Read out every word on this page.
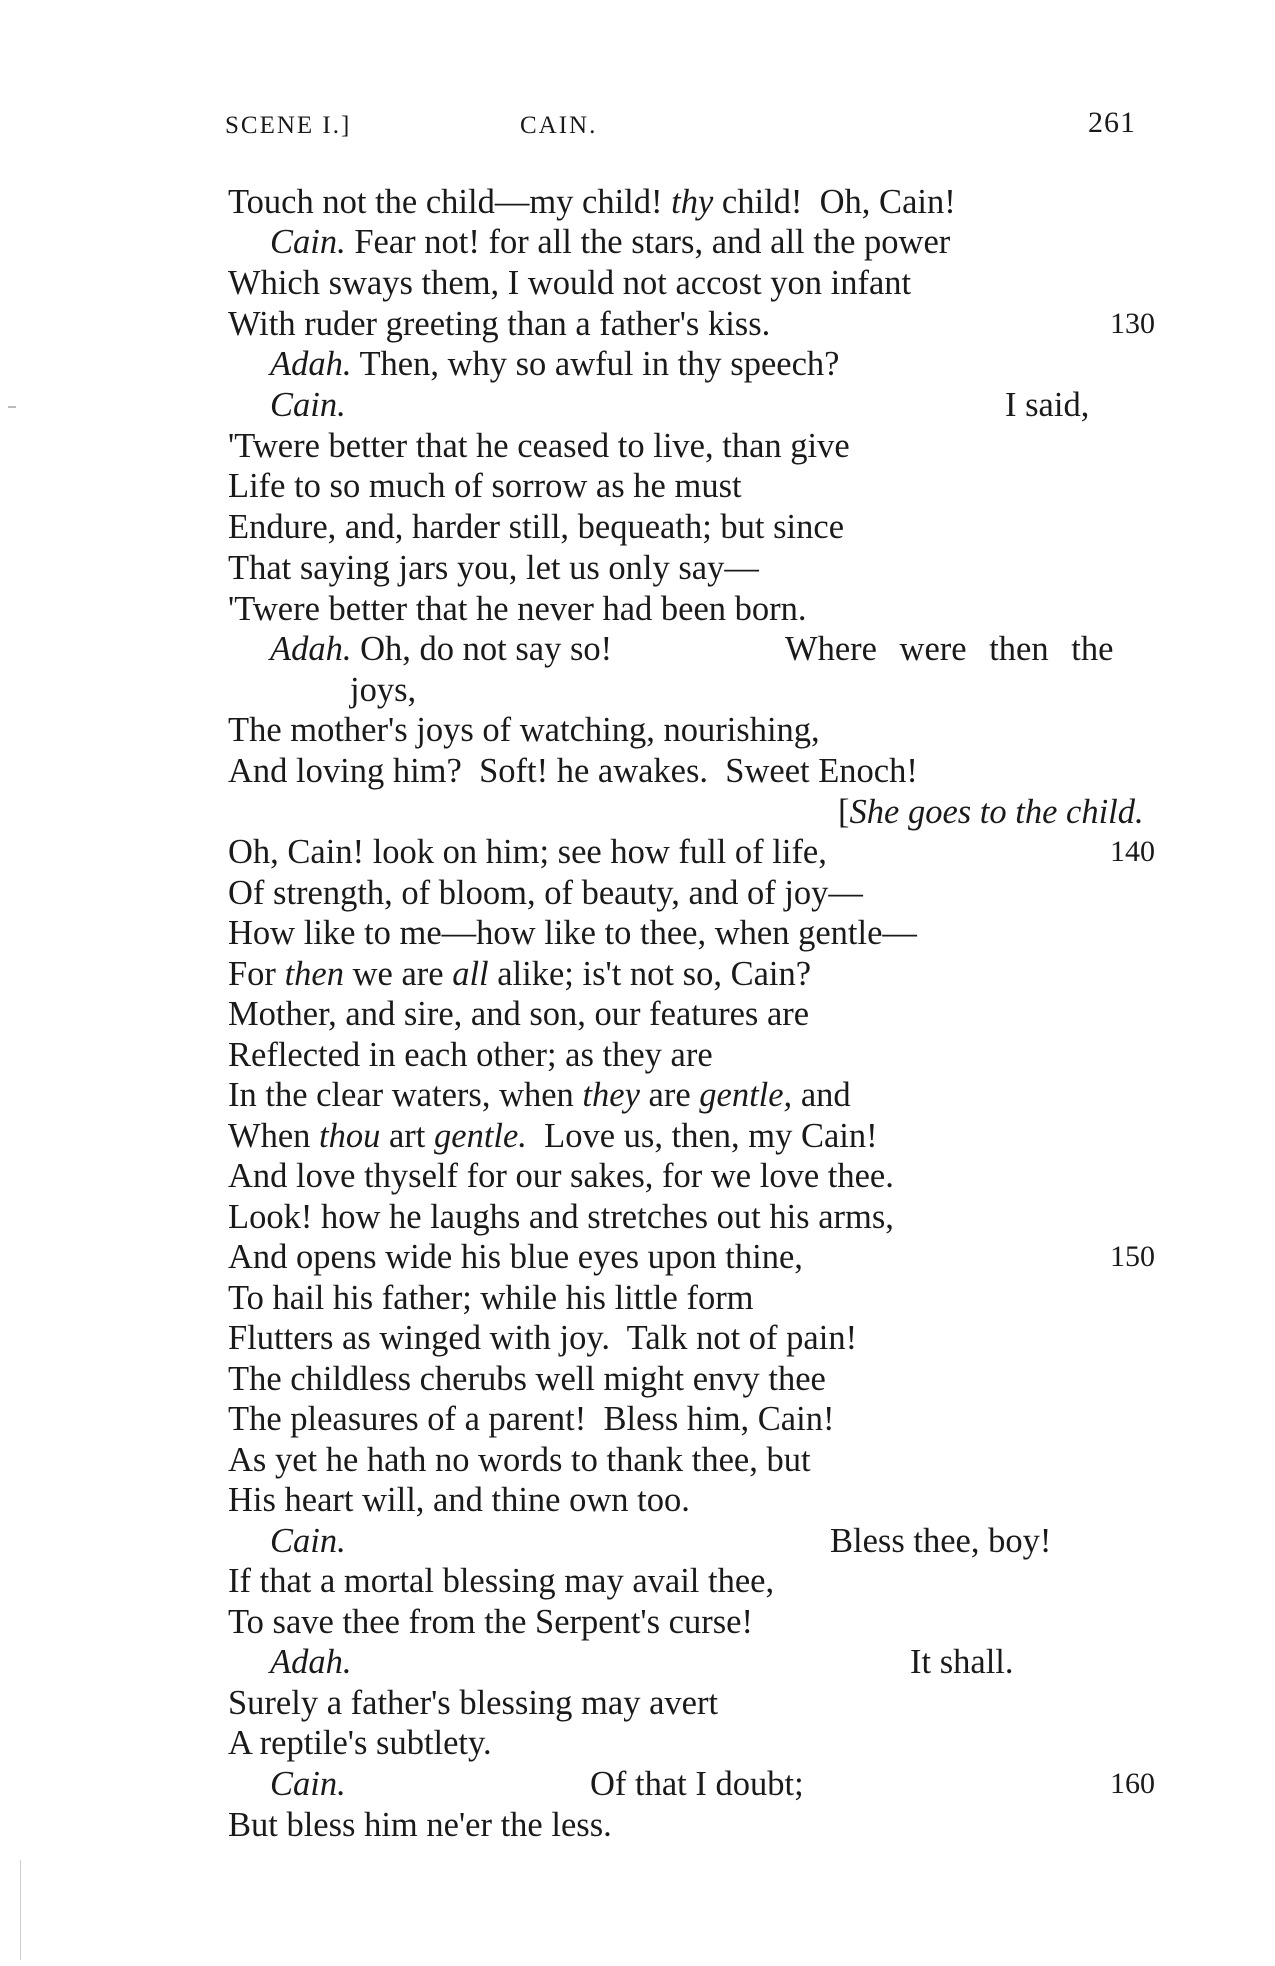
SCENE I.]	CAIN.	261

Touch not the child—my child! thy child!  Oh, Cain!

Cain. Fear not! for all the stars, and all the power

Which sways them, I would not accost yon infant

With ruder greeting than a father's kiss.

	130

Adah. Then, why so awful in thy speech?

Cain.

	I said,

'Twere better that he ceased to live, than give

Life to so much of sorrow as he must

Endure, and, harder still, bequeath; but since

That saying jars you, let us only say—

'Twere better that he never had been born.

Adah. Oh, do not say so!

	Where were then the

joys,

The mother's joys of watching, nourishing,

And loving him?  Soft! he awakes.  Sweet Enoch!

[She goes to the child.

Oh, Cain! look on him; see how full of life,

	140

Of strength, of bloom, of beauty, and of joy—

How like to me—how like to thee, when gentle—

For then we are all alike; is't not so, Cain?

Mother, and sire, and son, our features are

Reflected in each other; as they are

In the clear waters, when they are gentle, and

When thou art gentle.  Love us, then, my Cain!

And love thyself for our sakes, for we love thee.

Look! how he laughs and stretches out his arms,

And opens wide his blue eyes upon thine,

	150

To hail his father; while his little form

Flutters as winged with joy.  Talk not of pain!

The childless cherubs well might envy thee

The pleasures of a parent!  Bless him, Cain!

As yet he hath no words to thank thee, but

His heart will, and thine own too.

Cain.

	Bless thee, boy!

If that a mortal blessing may avail thee,

To save thee from the Serpent's curse!

Adah.

	It shall.

Surely a father's blessing may avert

A reptile's subtlety.

Cain.

	Of that I doubt;

	160

But bless him ne'er the less.
